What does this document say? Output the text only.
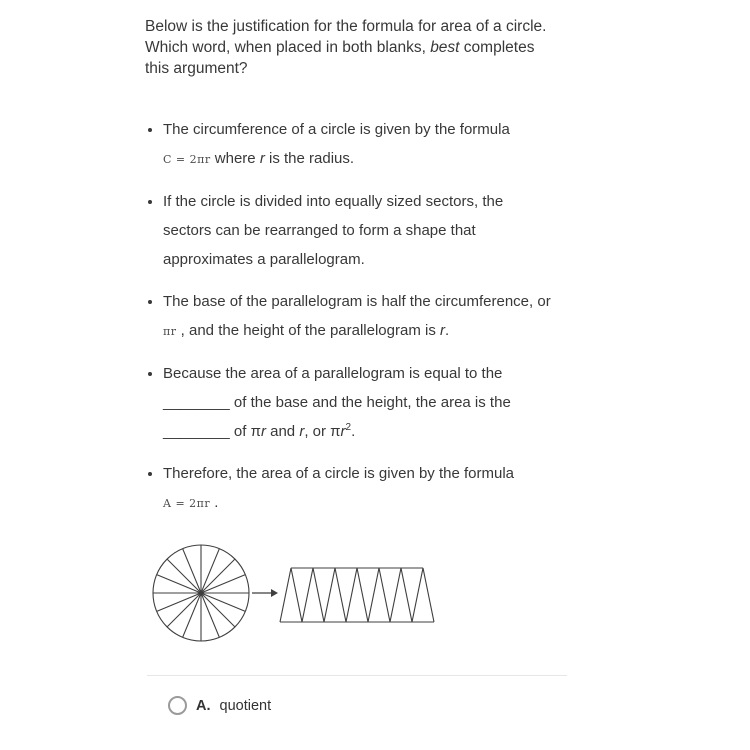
Below is the justification for the formula for area of a circle. Which word, when placed in both blanks, best completes this argument?

• The circumference of a circle is given by the formula C = 2πr where r is the radius.
• If the circle is divided into equally sized sectors, the sectors can be rearranged to form a shape that approximates a parallelogram.
• The base of the parallelogram is half the circumference, or πr , and the height of the parallelogram is r.
• Because the area of a parallelogram is equal to the ________ of the base and the height, the area is the ________ of πr and r, or $\pi r^2$.
• Therefore, the area of a circle is given by the formula A = 2πr .
A. quotient
